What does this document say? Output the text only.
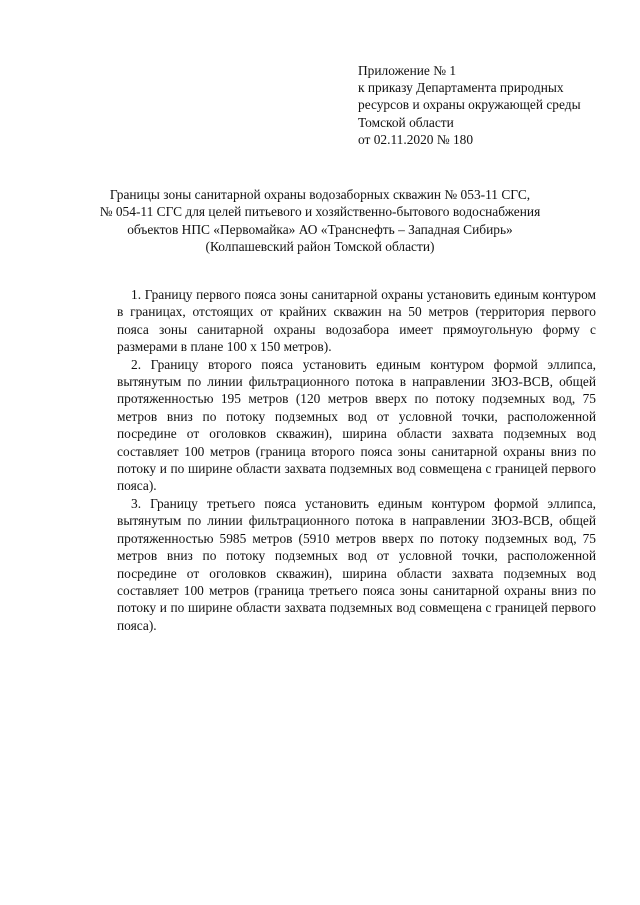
Приложение № 1
к приказу Департамента природных
ресурсов и охраны окружающей среды
Томской области
от 02.11.2020 № 180
Границы зоны санитарной охраны водозаборных скважин № 053-11 СГС,
№ 054-11 СГС для целей питьевого и хозяйственно-бытового водоснабжения
объектов НПС «Первомайка» АО «Транснефть – Западная Сибирь»
(Колпашевский район Томской области)

1. Границу первого пояса зоны санитарной охраны установить единым контуром в границах, отстоящих от крайних скважин на 50 метров (территория первого пояса зоны санитарной охраны водозабора имеет прямоугольную форму с размерами в плане 100 x 150 метров).

2. Границу второго пояса установить единым контуром формой эллипса, вытянутым по линии фильтрационного потока в направлении ЗЮЗ-ВСВ, общей протяженностью 195 метров (120 метров вверх по потоку подземных вод, 75 метров вниз по потоку подземных вод от условной точки, расположенной посредине от оголовков скважин), ширина области захвата подземных вод составляет 100 метров (граница второго пояса зоны санитарной охраны вниз по потоку и по ширине области захвата подземных вод совмещена с границей первого пояса).

3. Границу третьего пояса установить единым контуром формой эллипса, вытянутым по линии фильтрационного потока в направлении ЗЮЗ-ВСВ, общей протяженностью 5985 метров (5910 метров вверх по потоку подземных вод, 75 метров вниз по потоку подземных вод от условной точки, расположенной посредине от оголовков скважин), ширина области захвата подземных вод составляет 100 метров (граница третьего пояса зоны санитарной охраны вниз по потоку и по ширине области захвата подземных вод совмещена с границей первого пояса).
